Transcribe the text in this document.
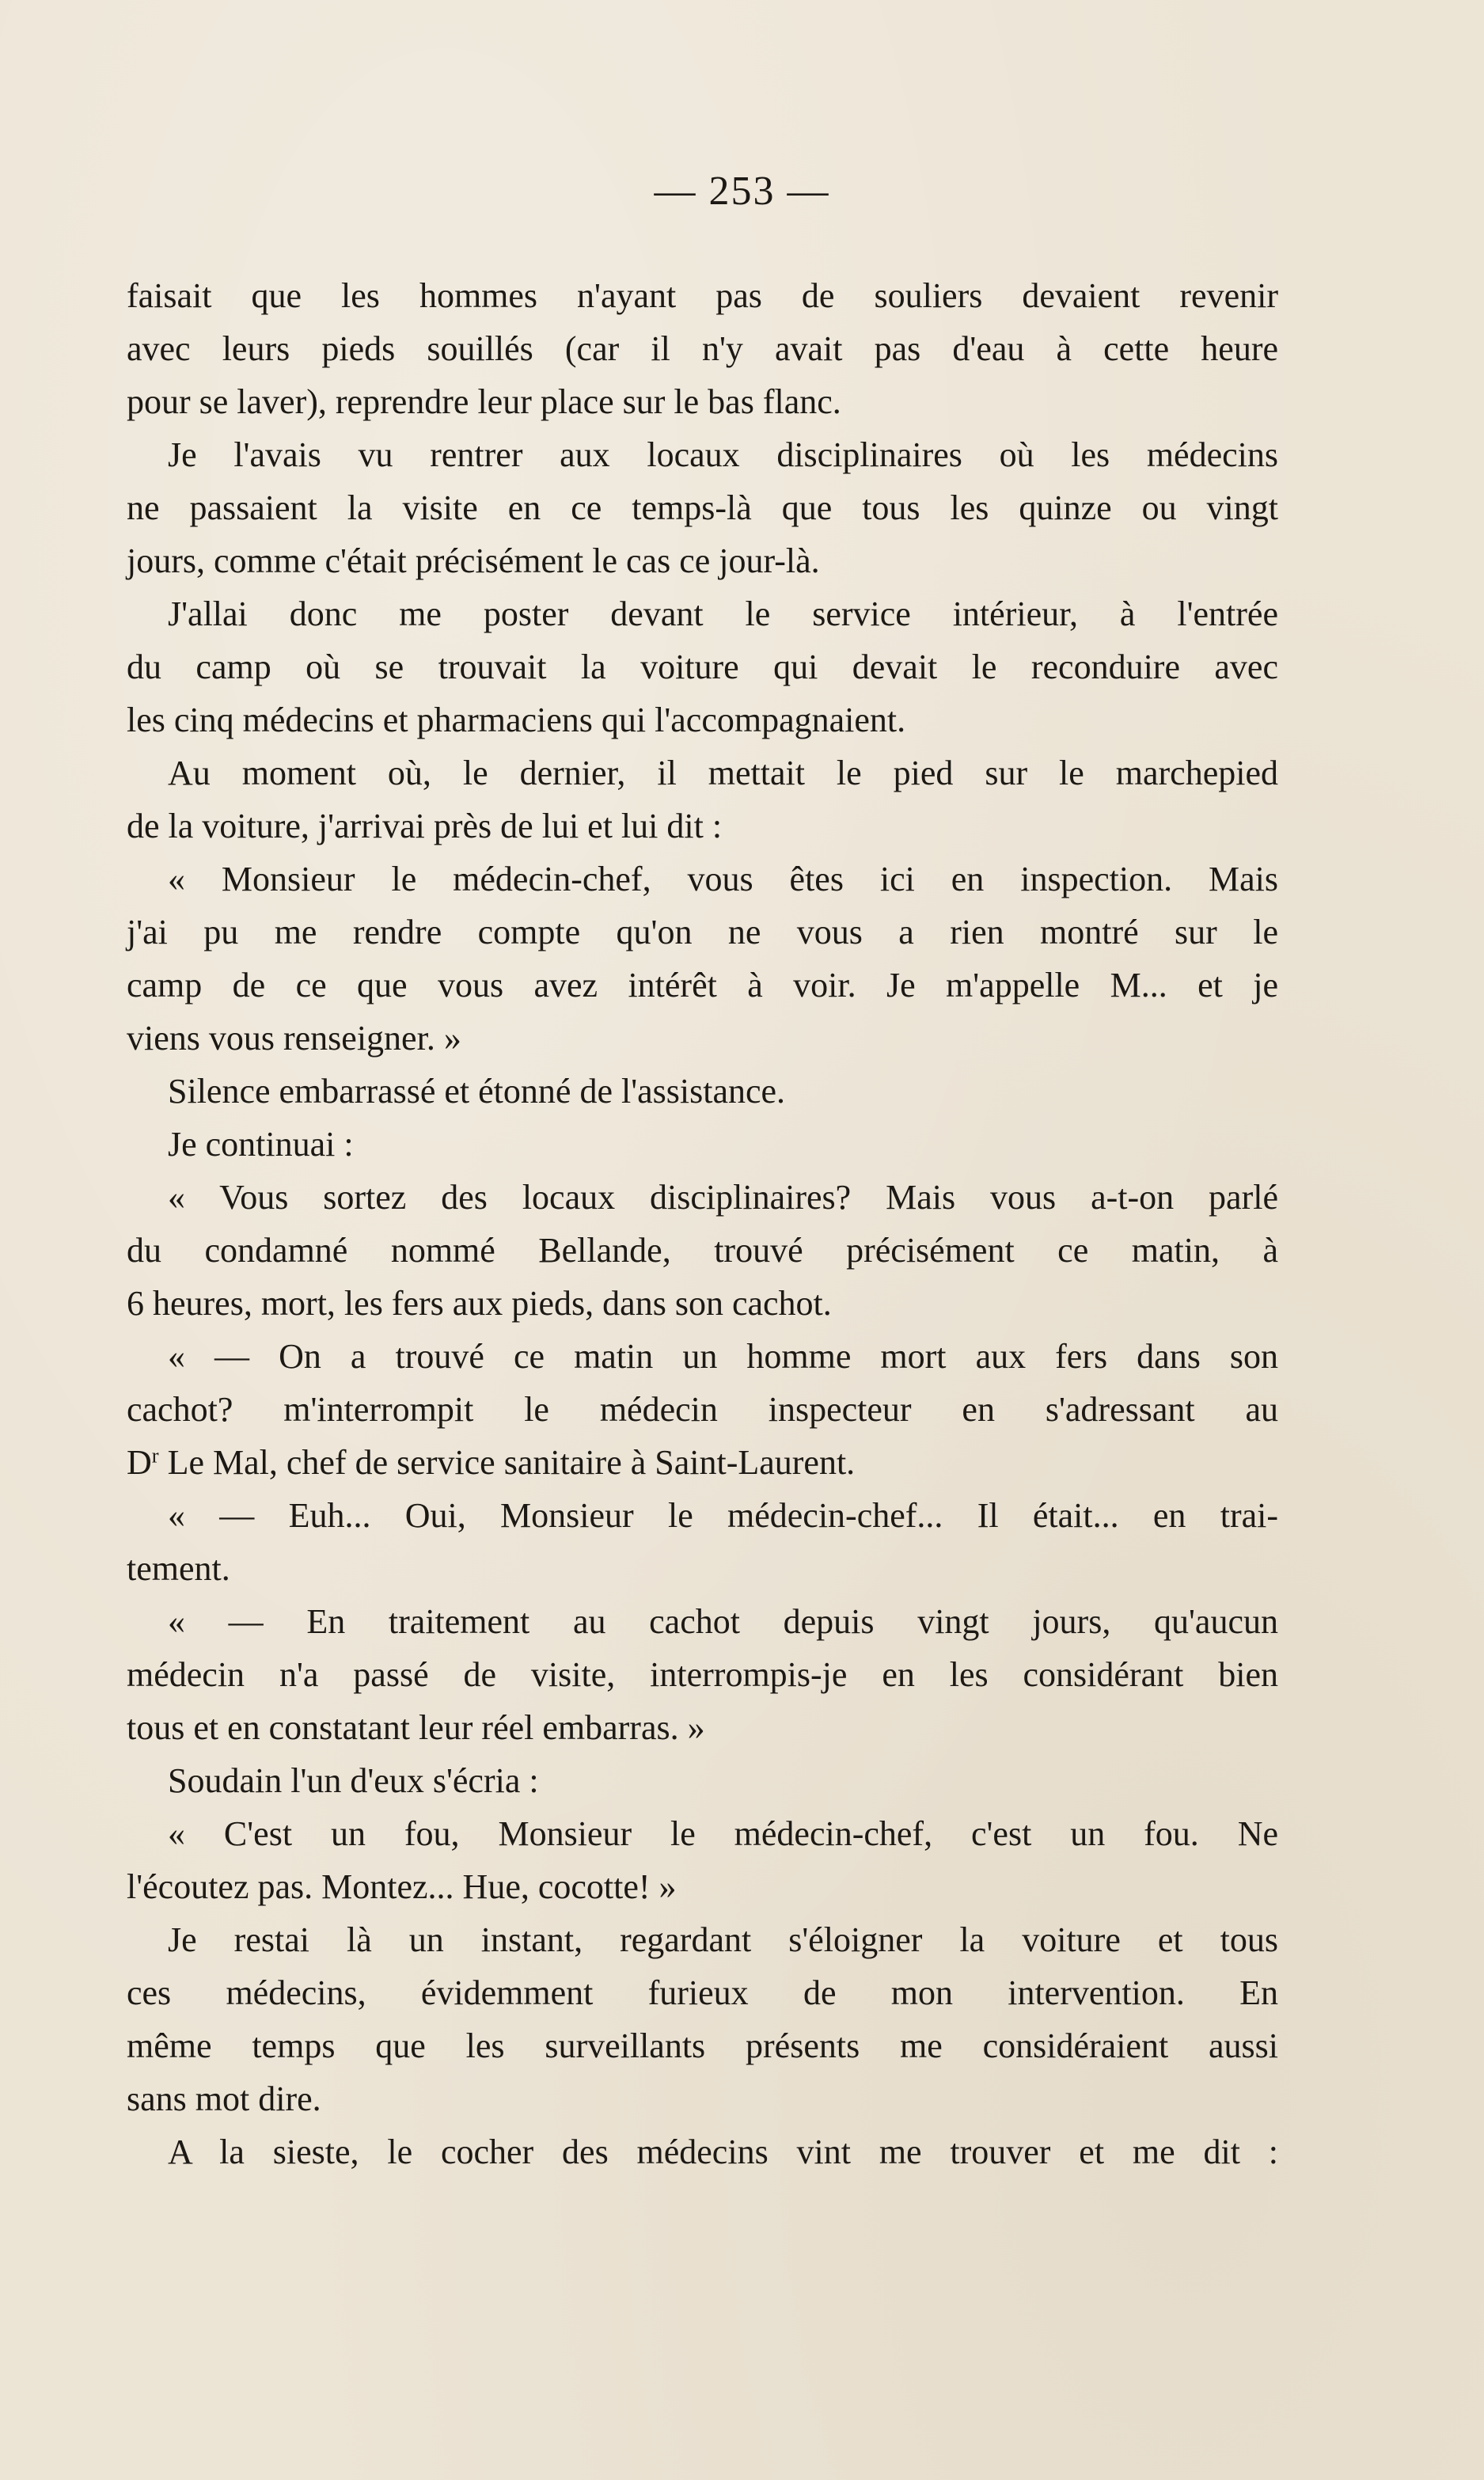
— 253 —
faisait que les hommes n'ayant pas de souliers devaient revenir
avec leurs pieds souillés (car il n'y avait pas d'eau à cette heure
pour se laver), reprendre leur place sur le bas flanc.
Je l'avais vu rentrer aux locaux disciplinaires où les médecins
ne passaient la visite en ce temps-là que tous les quinze ou vingt
jours, comme c'était précisément le cas ce jour-là.
J'allai donc me poster devant le service intérieur, à l'entrée
du camp où se trouvait la voiture qui devait le reconduire avec
les cinq médecins et pharmaciens qui l'accompagnaient.
Au moment où, le dernier, il mettait le pied sur le marchepied
de la voiture, j'arrivai près de lui et lui dit :
« Monsieur le médecin-chef, vous êtes ici en inspection. Mais
j'ai pu me rendre compte qu'on ne vous a rien montré sur le
camp de ce que vous avez intérêt à voir. Je m'appelle M... et je
viens vous renseigner. »
Silence embarrassé et étonné de l'assistance.
Je continuai :
« Vous sortez des locaux disciplinaires? Mais vous a-t-on parlé
du condamné nommé Bellande, trouvé précisément ce matin, à
6 heures, mort, les fers aux pieds, dans son cachot.
« — On a trouvé ce matin un homme mort aux fers dans son
cachot? m'interrompit le médecin inspecteur en s'adressant au
$D^r$ Le Mal, chef de service sanitaire à Saint-Laurent.
« — Euh... Oui, Monsieur le médecin-chef... Il était... en trai-
tement.
« — En traitement au cachot depuis vingt jours, qu'aucun
médecin n'a passé de visite, interrompis-je en les considérant bien
tous et en constatant leur réel embarras. »
Soudain l'un d'eux s'écria :
« C'est un fou, Monsieur le médecin-chef, c'est un fou. Ne
l'écoutez pas. Montez... Hue, cocotte! »
Je restai là un instant, regardant s'éloigner la voiture et tous
ces médecins, évidemment furieux de mon intervention. En
même temps que les surveillants présents me considéraient aussi
sans mot dire.
A la sieste, le cocher des médecins vint me trouver et me dit :
